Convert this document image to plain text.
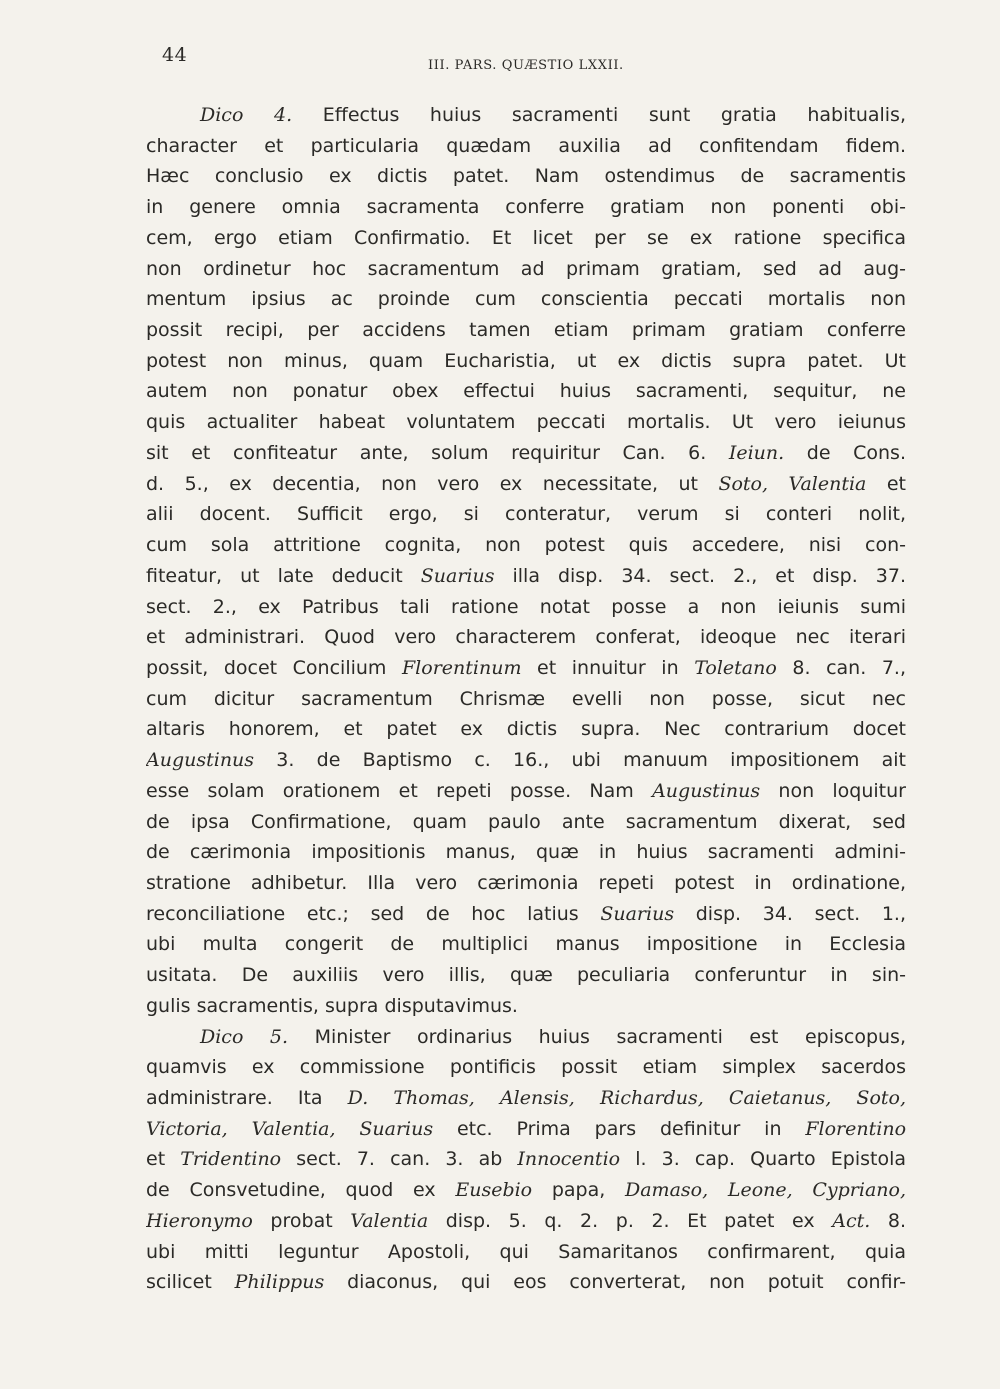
44	III. PARS. QUÆSTIO LXXII.
Dico 4. Effectus huius sacramenti sunt gratia habitualis,
character et particularia quædam auxilia ad confitendam fidem.
Hæc conclusio ex dictis patet. Nam ostendimus de sacramentis
in genere omnia sacramenta conferre gratiam non ponenti obi-
cem, ergo etiam Confirmatio. Et licet per se ex ratione specifica
non ordinetur hoc sacramentum ad primam gratiam, sed ad aug-
mentum ipsius ac proinde cum conscientia peccati mortalis non
possit recipi, per accidens tamen etiam primam gratiam conferre
potest non minus, quam Eucharistia, ut ex dictis supra patet. Ut
autem non ponatur obex effectui huius sacramenti, sequitur, ne
quis actualiter habeat voluntatem peccati mortalis. Ut vero ieiunus
sit et confiteatur ante, solum requiritur Can. 6. Ieiun. de Cons.
d. 5., ex decentia, non vero ex necessitate, ut Soto, Valentia et
alii docent. Sufficit ergo, si conteratur, verum si conteri nolit,
cum sola attritione cognita, non potest quis accedere, nisi con-
fiteatur, ut late deducit Suarius illa disp. 34. sect. 2., et disp. 37.
sect. 2., ex Patribus tali ratione notat posse a non ieiunis sumi
et administrari. Quod vero characterem conferat, ideoque nec iterari
possit, docet Concilium Florentinum et innuitur in Toletano 8. can. 7.,
cum dicitur sacramentum Chrismæ evelli non posse, sicut nec
altaris honorem, et patet ex dictis supra. Nec contrarium docet
Augustinus 3. de Baptismo c. 16., ubi manuum impositionem ait
esse solam orationem et repeti posse. Nam Augustinus non loquitur
de ipsa Confirmatione, quam paulo ante sacramentum dixerat, sed
de cærimonia impositionis manus, quæ in huius sacramenti admini-
stratione adhibetur. Illa vero cærimonia repeti potest in ordinatione,
reconciliatione etc.; sed de hoc latius Suarius disp. 34. sect. 1.,
ubi multa congerit de multiplici manus impositione in Ecclesia
usitata. De auxiliis vero illis, quæ peculiaria conferuntur in sin-
gulis sacramentis, supra disputavimus.
Dico 5. Minister ordinarius huius sacramenti est episcopus,
quamvis ex commissione pontificis possit etiam simplex sacerdos
administrare. Ita D. Thomas, Alensis, Richardus, Caietanus, Soto,
Victoria, Valentia, Suarius etc. Prima pars definitur in Florentino
et Tridentino sect. 7. can. 3. ab Innocentio l. 3. cap. Quarto Epistola
de Consvetudine, quod ex Eusebio papa, Damaso, Leone, Cypriano,
Hieronymo probat Valentia disp. 5. q. 2. p. 2. Et patet ex Act. 8.
ubi mitti leguntur Apostoli, qui Samaritanos confirmarent, quia
scilicet Philippus diaconus, qui eos converterat, non potuit confir-
